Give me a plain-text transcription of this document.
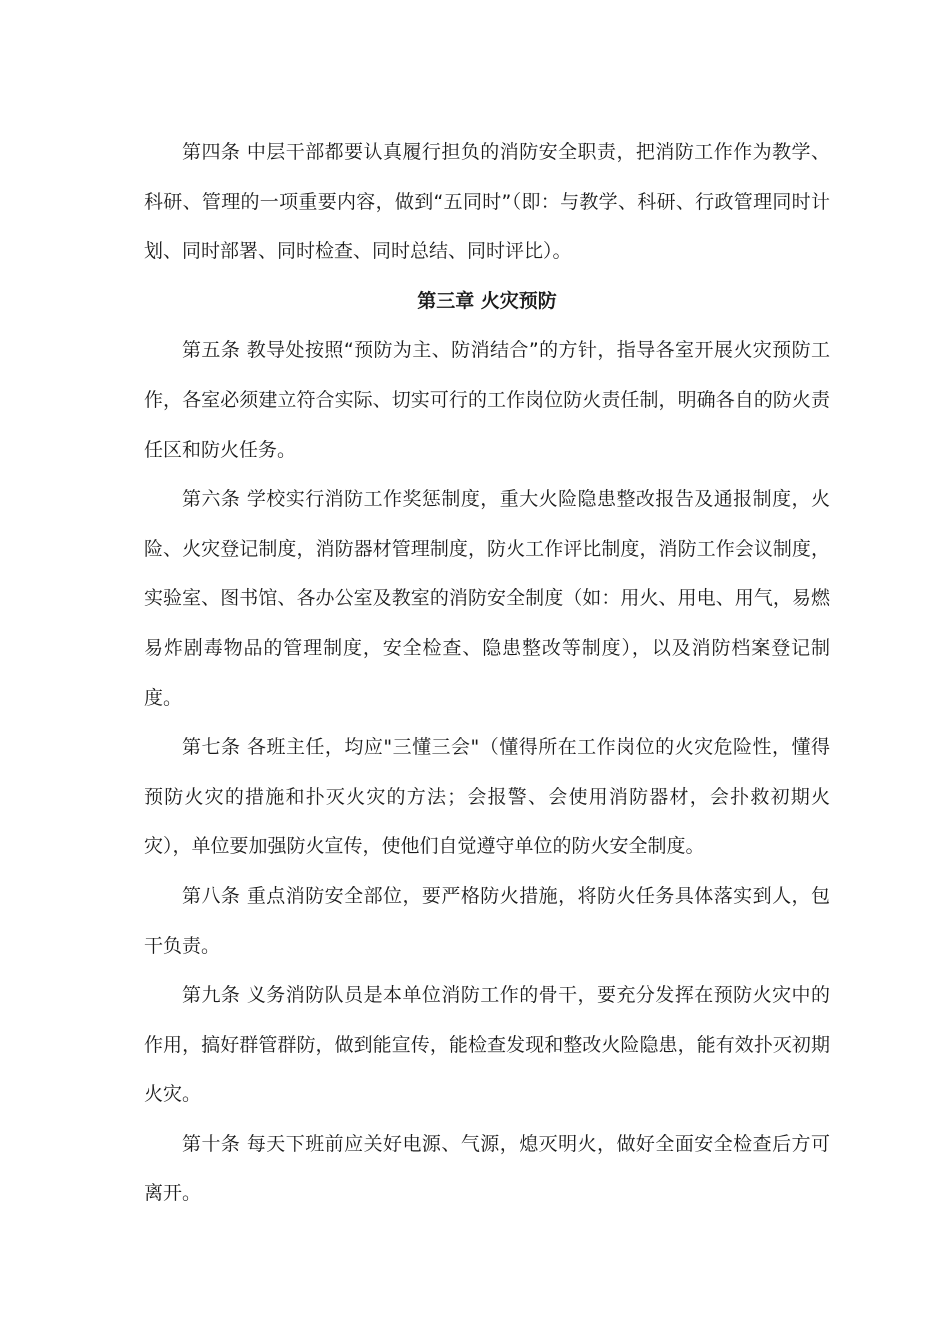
第四条 中层干部都要认真履行担负的消防安全职责，把消防工作作为教学、科研、管理的一项重要内容，做到“五同时”（即：与教学、科研、行政管理同时计划、同时部署、同时检查、同时总结、同时评比）。

第三章 火灾预防

第五条 教导处按照“预防为主、防消结合”的方针，指导各室开展火灾预防工作，各室必须建立符合实际、切实可行的工作岗位防火责任制，明确各自的防火责任区和防火任务。

第六条 学校实行消防工作奖惩制度，重大火险隐患整改报告及通报制度，火险、火灾登记制度，消防器材管理制度，防火工作评比制度，消防工作会议制度，实验室、图书馆、各办公室及教室的消防安全制度（如：用火、用电、用气，易燃易炸剧毒物品的管理制度，安全检查、隐患整改等制度），以及消防档案登记制度。

第七条 各班主任，均应"三懂三会"（懂得所在工作岗位的火灾危险性，懂得预防火灾的措施和扑灭火灾的方法；会报警、会使用消防器材，会扑救初期火灾），单位要加强防火宣传，使他们自觉遵守单位的防火安全制度。

第八条 重点消防安全部位，要严格防火措施，将防火任务具体落实到人，包干负责。

第九条 义务消防队员是本单位消防工作的骨干，要充分发挥在预防火灾中的作用，搞好群管群防，做到能宣传，能检查发现和整改火险隐患，能有效扑灭初期火灾。

第十条 每天下班前应关好电源、气源，熄灭明火，做好全面安全检查后方可离开。
